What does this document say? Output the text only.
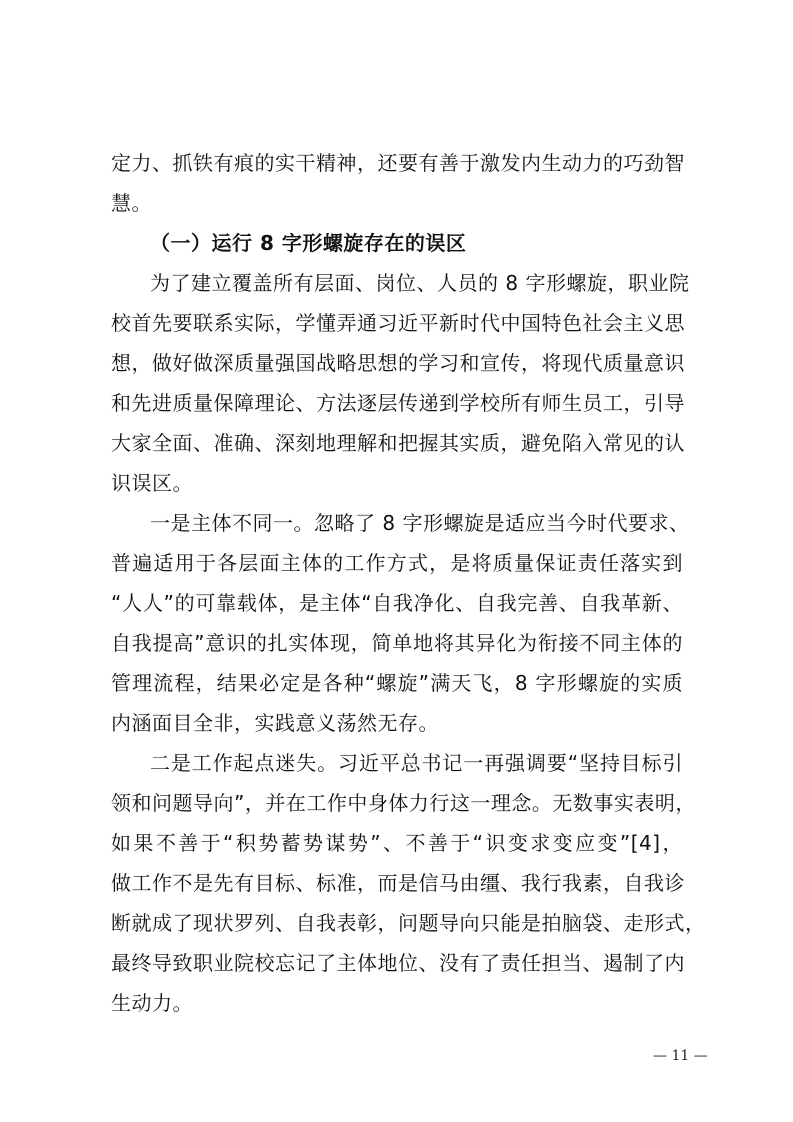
定力、抓铁有痕的实干精神，还要有善于激发内生动力的巧劲智
慧。
（一）运行 8 字形螺旋存在的误区
为了建立覆盖所有层面、岗位、人员的 8 字形螺旋，职业院
校首先要联系实际，学懂弄通习近平新时代中国特色社会主义思
想，做好做深质量强国战略思想的学习和宣传，将现代质量意识
和先进质量保障理论、方法逐层传递到学校所有师生员工，引导
大家全面、准确、深刻地理解和把握其实质，避免陷入常见的认
识误区。
一是主体不同一。忽略了 8 字形螺旋是适应当今时代要求、
普遍适用于各层面主体的工作方式，是将质量保证责任落实到
“人人”的可靠载体，是主体“自我净化、自我完善、自我革新、
自我提高”意识的扎实体现，简单地将其异化为衔接不同主体的
管理流程，结果必定是各种“螺旋”满天飞，8 字形螺旋的实质
内涵面目全非，实践意义荡然无存。
二是工作起点迷失。习近平总书记一再强调要“坚持目标引
领和问题导向”，并在工作中身体力行这一理念。无数事实表明，
如果不善于“积势蓄势谋势”、不善于“识变求变应变”[4]，
做工作不是先有目标、标准，而是信马由缰、我行我素，自我诊
断就成了现状罗列、自我表彰，问题导向只能是拍脑袋、走形式，
最终导致职业院校忘记了主体地位、没有了责任担当、遏制了内
生动力。
— 11 —
